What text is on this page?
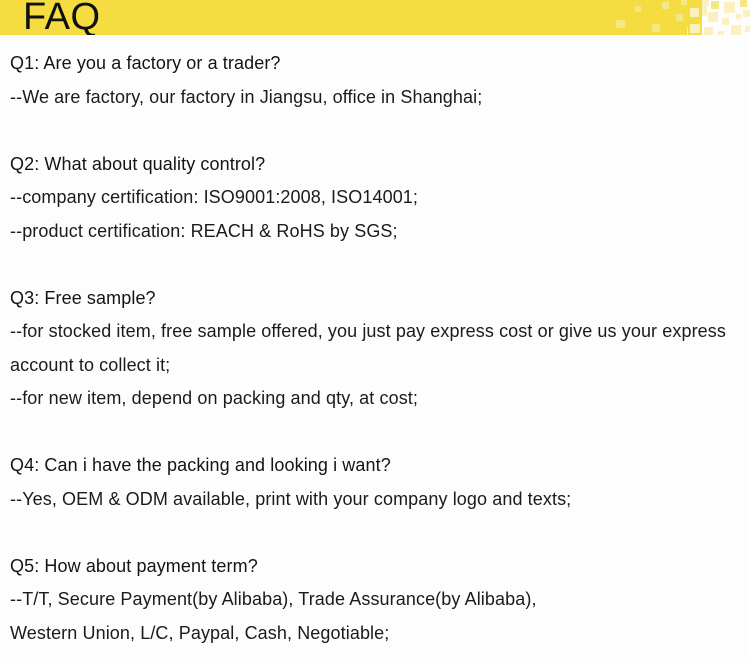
FAQ
Q1: Are you a factory or a trader?
--We are factory, our factory in Jiangsu, office in Shanghai;

Q2: What about quality control?
--company certification: ISO9001:2008, ISO14001;
--product certification: REACH & RoHS by SGS;

Q3: Free sample?
--for stocked item, free sample offered, you just pay express cost or give us your express
account to collect it;
--for new item, depend on packing and qty, at cost;

Q4: Can i have the packing and looking i want?
--Yes, OEM & ODM available, print with your company logo and texts;

Q5: How about payment term?
--T/T, Secure Payment(by Alibaba), Trade Assurance(by Alibaba),
Western Union, L/C, Paypal, Cash, Negotiable;
